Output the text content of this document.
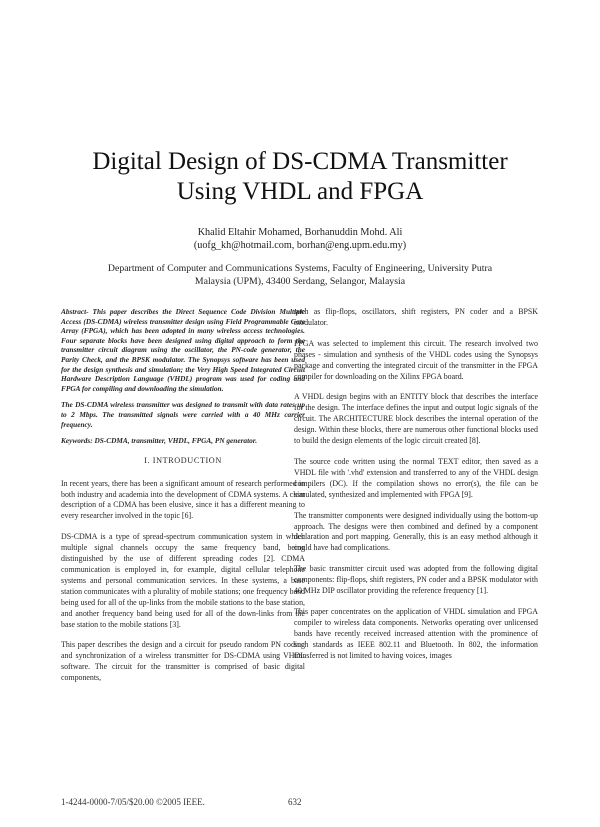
Digital Design of DS-CDMA Transmitter
Using VHDL and FPGA
Khalid Eltahir Mohamed, Borhanuddin Mohd. Ali
(uofg_kh@hotmail.com, borhan@eng.upm.edu.my)
Department of Computer and Communications Systems, Faculty of Engineering, University Putra
Malaysia (UPM), 43400 Serdang, Selangor, Malaysia

Abstract- This paper describes the Direct Sequence Code Division Multiple Access (DS-CDMA) wireless transmitter design using Field Programmable Gate Array (FPGA), which has been adopted in many wireless access technologies. Four separate blocks have been designed using digital approach to form the transmitter circuit diagram using the oscillator, the PN-code generator, the Parity Check, and the BPSK modulator. The Synopsys software has been used for the design synthesis and simulation; the Very High Speed Integrated Circuit Hardware Description Language (VHDL) program was used for coding and FPGA for compiling and downloading the simulation.

The DS-CDMA wireless transmitter was designed to transmit with data rates up to 2 Mbps. The transmitted signals were carried with a 40 MHz carrier frequency.

Keywords: DS-CDMA, transmitter, VHDL, FPGA, PN generator.

I. INTRODUCTION

In recent years, there has been a significant amount of research performed in both industry and academia into the development of CDMA systems. A clear description of a CDMA has been elusive, since it has a different meaning to every researcher involved in the topic [6].

DS-CDMA is a type of spread-spectrum communication system in which multiple signal channels occupy the same frequency band, being distinguished by the use of different spreading codes [2]. CDMA communication is employed in, for example, digital cellular telephone systems and personal communication services. In these systems, a base station communicates with a plurality of mobile stations; one frequency band being used for all of the up-links from the mobile stations to the base station, and another frequency band being used for all of the down-links from the base station to the mobile stations [3].

This paper describes the design and a circuit for pseudo random PN coding and synchronization of a wireless transmitter for DS-CDMA using VHDL software. The circuit for the transmitter is comprised of basic digital components,

such as flip-flops, oscillators, shift registers, PN coder and a BPSK modulator.

FPGA was selected to implement this circuit. The research involved two phases - simulation and synthesis of the VHDL codes using the Synopsys package and converting the integrated circuit of the transmitter in the FPGA compiler for downloading on the Xilinx FPGA board.

A VHDL design begins with an ENTITY block that describes the interface for the design. The interface defines the input and output logic signals of the circuit. The ARCHITECTURE block describes the internal operation of the design. Within these blocks, there are numerous other functional blocks used to build the design elements of the logic circuit created [8].

The source code written using the normal TEXT editor, then saved as a VHDL file with '.vhd' extension and transferred to any of the VHDL design compilers (DC). If the compilation shows no error(s), the file can be simulated, synthesized and implemented with FPGA [9].

The transmitter components were designed individually using the bottom-up approach. The designs were then combined and defined by a component declaration and port mapping. Generally, this is an easy method although it could have had complications.

The basic transmitter circuit used was adopted from the following digital components: flip-flops, shift registers, PN coder and a BPSK modulator with 40 MHz DIP oscillator providing the reference frequency [1].

This paper concentrates on the application of VHDL simulation and FPGA compiler to wireless data components. Networks operating over unlicensed bands have recently received increased attention with the prominence of such standards as IEEE 802.11 and Bluetooth. In 802, the information transferred is not limited to having voices, images

1-4244-0000-7/05/$20.00 ©2005 IEEE.	632
